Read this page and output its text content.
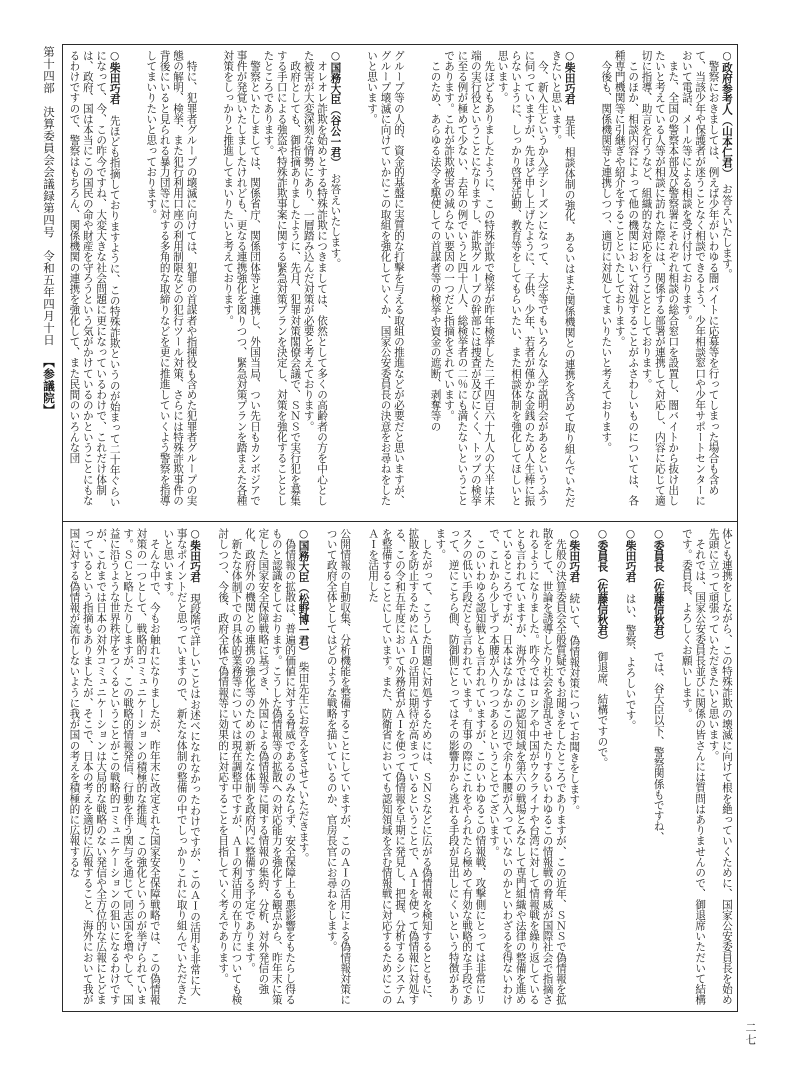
第十四部　決算委員会会議録第四号　令和五年四月十日
【参議院】
○政府参考人（山本仁君）　お答えいたします。
　警察におきましては、例えば少年がいわゆる闇バイトに応募等を行ってしまった場合も含めて、当該少年や保護者が迷うことなく相談できるよう、少年相談窓口や少年サポートセンターにおいて電話、メール等による相談を受け付けております。
　また、全国の警察本部及び警察署にそれぞれ相談の総合窓口を設置し、闇バイトから抜け出したいと考えている人等が相談に訪れた際には、関係する部署が連携して対応し、内容に応じて適切に指導、助言を行うなど、組織的な対応を行うこととしております。
　このほか、相談内容によって他の機関において対処することがふさわしいものについては、各種専門機関等に引継ぎや紹介をすることといたしております。
　今後も、関係機関等と連携しつつ、適切に対処してまいりたいと考えております。
○柴田巧君　是非、相談体制の強化、あるいはまた関係機関との連携を含めて取り組んでいただきたいと思います。
　今、新入生というか入学シーズンになって、大学等でもいろんな入学説明会があるというふうに伺っていますが、先ほど申し上げたように、子供、少年、若者が僅かな金銭のため人生棒に振らないように、しっかり啓発活動、教育等をしてもらいたい、また相談体制を強化してほしいと思います。
　先ほどもありましたように、この特殊詐欺で検挙が昨年検挙した二千四百六十九人の大半は末端の実行役ということになりますし、詐欺グループの幹部には捜査が及びにくく、トップの検挙に至る例が極めて少ない、去年の例でいうと四十八人、総検挙者の二％にも満たないということであります。これが詐欺被害の減らない要因の一つだと指摘をされています。
　このため、あらゆる法令を駆使しての首謀者等の検挙や資金の遮断、剥奪等の
グループ等の人的、資金的基盤に実質的な打撃を与える取組の推進などが必要だと思いますが、グループ壊滅に向けていかにこの取組を強化していくか、国家公安委員長の決意をお尋ねをしたいと思います。
○国務大臣（谷公一君）　お答えいたします。
　オレオレ詐欺を始めとする特殊詐欺につきましては、依然として多くの高齢者の方を中心とした被害が大変深刻な情勢にあり、一層踏み込んだ対策が必要と考えております。
　政府としても、御指摘ありましたように、先月、犯罪対策閣僚会議で、ＳＮＳで実行犯を募集する手口による強盗や特殊詐欺事案に関する緊急対策プランを決定し、対策を強化することとしたところであります。
　警察といたしましては、関係省庁、関係団体等と連携し、外国当局、つい先日もカンボジアで事件が発覚いたしましたけれども、更なる連携強化を図りつつ、緊急対策プランを踏まえた各種対策をしっかりと推進してまいりたいと考えております。
　特に、犯罪者グループの壊滅に向けては、犯罪の首謀者や指揮役も含めた犯罪者グループの実態の解明、検挙、また犯行利用口座の利用制限などの犯行ツール対策、さらには特殊詐欺事件の背後にいると見られる暴力団等に対する多角的な取締りなどを更に推進していくよう警察を指導してまいりたいと思っております。
○柴田巧君　先ほども指摘しておりますように、この特殊詐欺というのが始まって二十年ぐらいになって、今、この昨今ですね、大変大きな社会問題に更になっているわけで、これだけ体制は、政府、国は本当にこの国民の命や財産を守ろうという気がかけているのかということにもなるわけですので、警察はもちろん、関係機関の連携を強化して、また民間のいろんな団
体とも連携をしながら、この特殊詐欺の壊滅に向けて根を絶っていくために、国家公安委員長を始め先頭に立って頑張っていただきたいと思います。
　それでは、国家公安委員長並びに関係の皆さんには質問はありませんので、御退席いただいて結構です。委員長、よろしくお願いします。
○委員長（佐藤信秋君）　では、谷大臣以下、警察関係もですね、
○柴田巧君　はい、警察、よろしいです。
○委員長（佐藤信秋君）　御退席、結構ですので。
○柴田巧君　続いて、偽情報対策についてお聞きをします。
　先般の決算委員会全般質疑でもお聞きをしたところでありますが、この近年、ＳＮＳで偽情報を拡散をして、世論を誘導したり社会を混乱させたりするいわゆるこの情報戦の脅威が国際社会で指摘されるようになりました。昨今ではロシアや中国がウクライナや台湾に対して情報戦を繰り返しているとも言われていますが、海外ではこの認知領域を第六の戦場とみなして専門組織や法律の整備を進めているところですが、日本はなかなかこの辺で余り本腰が入っていないのかといわざるを得ないわけで、これから少しずつ本腰が入りつつあるということでございます。
　このいわゆる認知戦とも言われていますが、このいわゆるこの情報戦、攻撃側にとっては非常にリスクの低い手段だとも言われています。有事の際にこれをやられたら極めて有効な戦略的な手段であって、逆にこちら側、防御側にとってはその影響力から逃れる手段が見出しにくいという特徴があります。
　したがって、こうした問題に対処するためには、ＳＮＳなどに広がる偽情報を検知するとともに、拡散を防止するためにＡＩの活用に期待が高まっているということで、ＡＩを使って偽情報に対処する、この令和五年度において外務省がＡＩを使って偽情報を早期に発見し、把握、分析するシステムを整備することにしています。また、防衛省においても認知領域を含む情報戦に対応するためにこのＡＩを活用した
公開情報の自動収集、分析機能を整備することにしていますが、このＡＩの活用による偽情報対策について政府全体としてはどのような戦略を描いているのか、官房長官にお尋ねをします。
○国務大臣（松野博一君）　柴田先生にお答えをさせていただきます。
　偽情報の拡散は、普遍的価値に対する脅威であるのみならず、安全保障上も悪影響をもたらし得るものと認識をしております。こうした偽情報等の拡散への対応能力を強化する観点から、昨年末に策定した国家安全保障戦略に基づき、外国による偽情報等に関する情報の集約、分析、対外発信の強化、政府外の機関との連携の強化等のための新たな体制を政府内に整備する予定であります。
　新たな体制下での具体的業務等については現在調整中ですが、ＡＩの利活用の在り方についても検討しつつ、今後、政府全体で偽情報等に効果的に対応することを目指していく考えであります。
○柴田巧君　現段階で詳しいことはお述べになれなかったわけですが、このＡＩの活用も非常に大事なポイントだと思っていますので、新たな体制の整備の中でしっかりこれに取り組んでいただきたいと思います。
　そんな中で、今もお触れになりましたが、昨年末に改定された国家安全保障戦略では、この偽情報対策の一つとして、戦略的コミュニケーションの積極的な推進、この強化というのが挙げられています。ＳＣと略したりしますが、この戦略的情報発信、行動を伴う関与を通じて同志国を増やして、国益に沿うような世界秩序をつくるということがこの戦略的コミュニケーションの狙いになるわけですが、これまでは日本の対外コミュニケーションは大局的な戦略のない発信や全方位的な広報にとどまっているという指摘もありましたが、そこで、日本の考えを適切に広報すること、海外において我が国に対する偽情報が流布しないように我が国の考えを積極的に広報するな
二七
